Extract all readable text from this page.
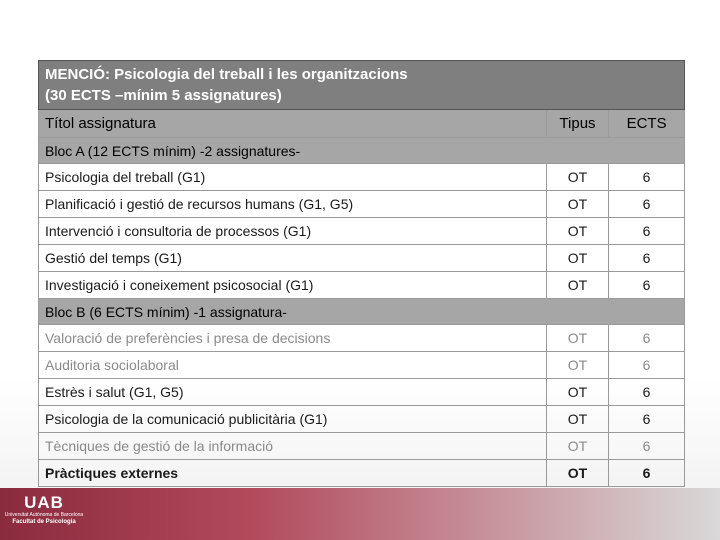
UAB
Universitat Autònoma de Barcelona
Facultat de Psicologia
MENCIÓ: Psicologia del treball i les organitzacions
(30 ECTS –mínim 5 assignatures)		
Títol assignatura	Tipus	ECTS
Bloc A (12 ECTS mínim) -2 assignatures-		
Psicologia del treball (G1)	OT	6
Planificació i gestió de recursos humans (G1, G5)	OT	6
Intervenció i consultoria de processos (G1)	OT	6
Gestió del temps (G1)	OT	6
Investigació i coneixement psicosocial (G1)	OT	6
Bloc B (6 ECTS mínim) -1 assignatura-		
Valoració de preferències i presa de decisions	OT	6
Auditoria sociolaboral	OT	6
Estrès i salut (G1, G5)	OT	6
Psicologia de la comunicació publicitària (G1)	OT	6
Tècniques de gestió de la informació	OT	6
Pràctiques externes	OT	6
